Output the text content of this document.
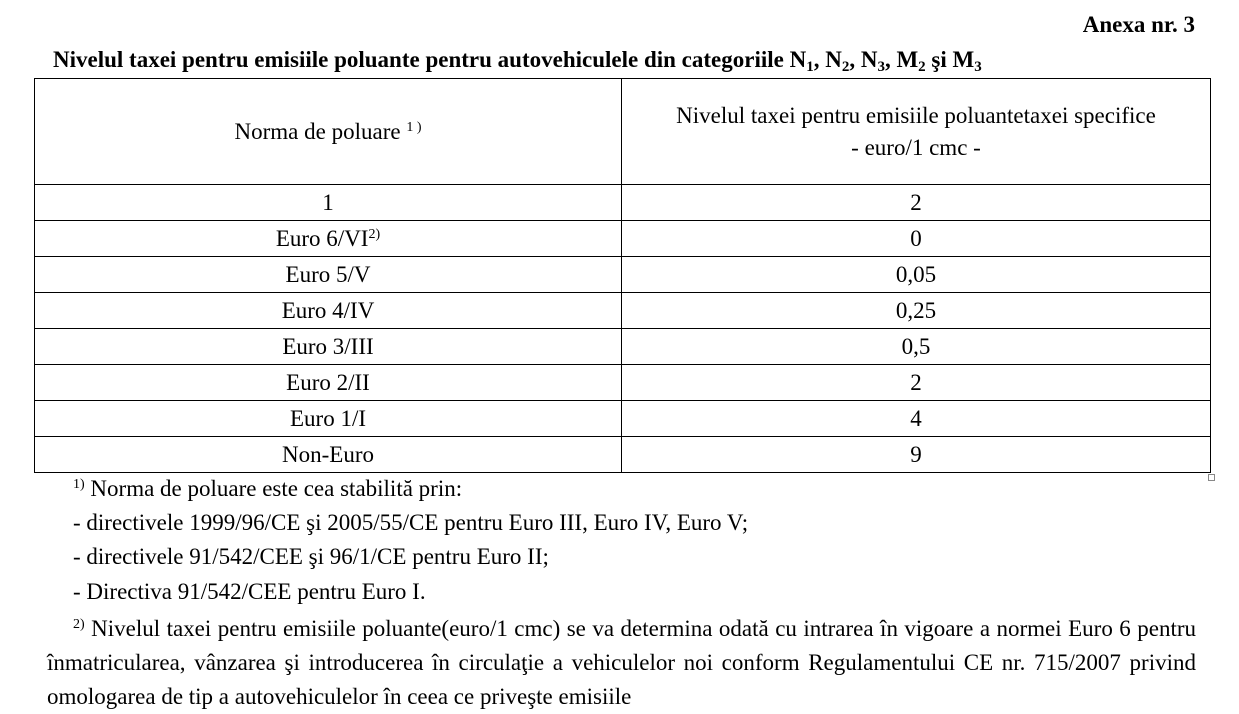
Anexa nr. 3
Nivelul taxei pentru emisiile poluante pentru autovehiculele din categoriile $N_1$, $N_2$, $N_3$, $M_2$ şi $M_3$
Norma de poluare $^{1 )}$	Nivelul taxei pentru emisiile poluantetaxei specifice
- euro/1 cmc -
1	2
Euro 6/VI$^{2)}$	0
Euro 5/V	0,05
Euro 4/IV	0,25
Euro 3/III	0,5
Euro 2/II	2
Euro 1/I	4
Non-Euro	9
$^{1)}$ Norma de poluare este cea stabilită prin:
- directivele 1999/96/CE şi 2005/55/CE pentru Euro III, Euro IV, Euro V;
- directivele 91/542/CEE şi 96/1/CE pentru Euro II;
- Directiva 91/542/CEE pentru Euro I.
$^{2)}$ Nivelul taxei pentru emisiile poluante(euro/1 cmc) se va determina odată cu intrarea în vigoare a normei Euro 6 pentru înmatricularea, vânzarea şi introducerea în circulaţie a vehiculelor noi conform Regulamentului CE nr. 715/2007 privind omologarea de tip a autovehiculelor în ceea ce priveşte emisiile
